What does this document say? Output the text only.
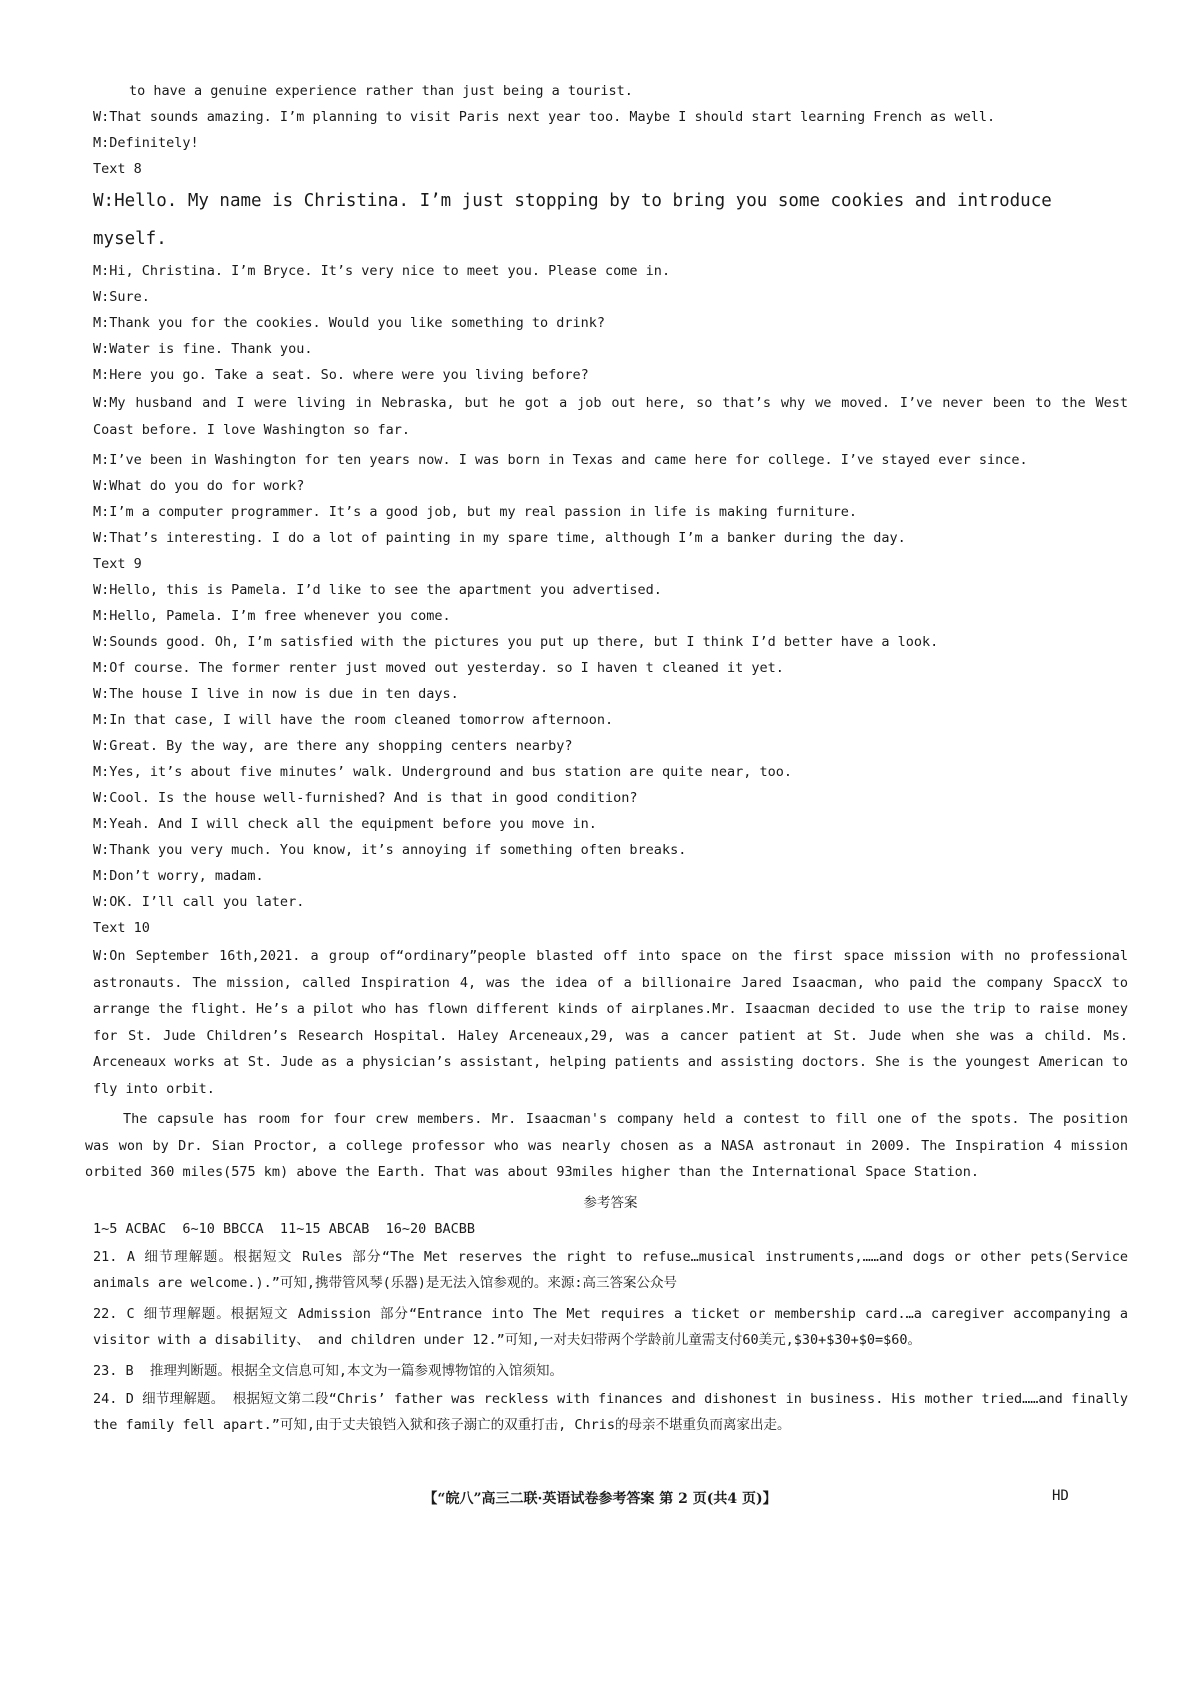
to have a genuine experience rather than just being a tourist.

W:That sounds amazing. I’m planning to visit Paris next year too. Maybe I should start learning French as well.

M:Definitely!

Text 8

W:Hello. My name is Christina. I’m just stopping by to bring you some cookies and introduce myself.

M:Hi, Christina. I’m Bryce. It’s very nice to meet you. Please come in.

W:Sure.

M:Thank you for the cookies. Would you like something to drink?

W:Water is fine. Thank you.

M:Here you go. Take a seat. So. where were you living before?

W:My husband and I were living in Nebraska, but he got a job out here, so that’s why we moved. I’ve never been to the West Coast before. I love Washington so far.

M:I’ve been in Washington for ten years now. I was born in Texas and came here for college. I’ve stayed ever since.

W:What do you do for work?

M:I’m a computer programmer. It’s a good job, but my real passion in life is making furniture.

W:That’s interesting. I do a lot of painting in my spare time, although I’m a banker during the day.

Text 9

W:Hello, this is Pamela. I’d like to see the apartment you advertised.

M:Hello, Pamela. I’m free whenever you come.

W:Sounds good. Oh, I’m satisfied with the pictures you put up there, but I think I’d better have a look.

M:Of course. The former renter just moved out yesterday. so I haven t cleaned it yet.

W:The house I live in now is due in ten days.

M:In that case, I will have the room cleaned tomorrow afternoon.

W:Great. By the way, are there any shopping centers nearby?

M:Yes, it’s about five minutes’ walk. Underground and bus station are quite near, too.

W:Cool. Is the house well-furnished? And is that in good condition?

M:Yeah. And I will check all the equipment before you move in.

W:Thank you very much. You know, it’s annoying if something often breaks.

M:Don’t worry, madam.

W:OK. I’ll call you later.

Text 10

W:On September 16th,2021. a group of“ordinary”people blasted off into space on the first space mission with no professional astronauts. The mission, called Inspiration 4, was the idea of a billionaire Jared Isaacman, who paid the company SpaccX to arrange the flight. He’s a pilot who has flown different kinds of airplanes.Mr. Isaacman decided to use the trip to raise money for St. Jude Children’s Research Hospital. Haley Arceneaux,29, was a cancer patient at St. Jude when she was a child. Ms. Arceneaux works at St. Jude as a physician’s assistant, helping patients and assisting doctors. She is the youngest American to fly into orbit.

The capsule has room for four crew members. Mr. Isaacman's company held a contest to fill one of the spots. The position was won by Dr. Sian Proctor, a college professor who was nearly chosen as a NASA astronaut in 2009. The Inspiration 4 mission orbited 360 miles(575 km) above the Earth. That was about 93miles higher than the International Space Station.

参考答案

1~5 ACBAC  6~10 BBCCA  11~15 ABCAB  16~20 BACBB

21. A 细节理解题。根据短文 Rules 部分“The Met reserves the right to refuse…musical instruments,……and dogs or other pets(Service animals are welcome.).”可知,携带管风琴(乐器)是无法入馆参观的。来源:高三答案公众号

22. C 细节理解题。根据短文 Admission 部分“Entrance into The Met requires a ticket or membership card.…a caregiver accompanying a visitor with a disability、 and children under 12.”可知,一对夫妇带两个学龄前儿童需支付60美元,$30+$30+$0=$60。

23. B  推理判断题。根据全文信息可知,本文为一篇参观博物馆的入馆须知。

24. D 细节理解题。 根据短文第二段“Chris’ father was reckless with finances and dishonest in business. His mother tried……and finally the family fell apart.”可知,由于丈夫锒铛入狱和孩子溺亡的双重打击, Chris的母亲不堪重负而离家出走。

【“皖八”高三二联·英语试卷参考答案 第 2 页(共4 页)】	HD
